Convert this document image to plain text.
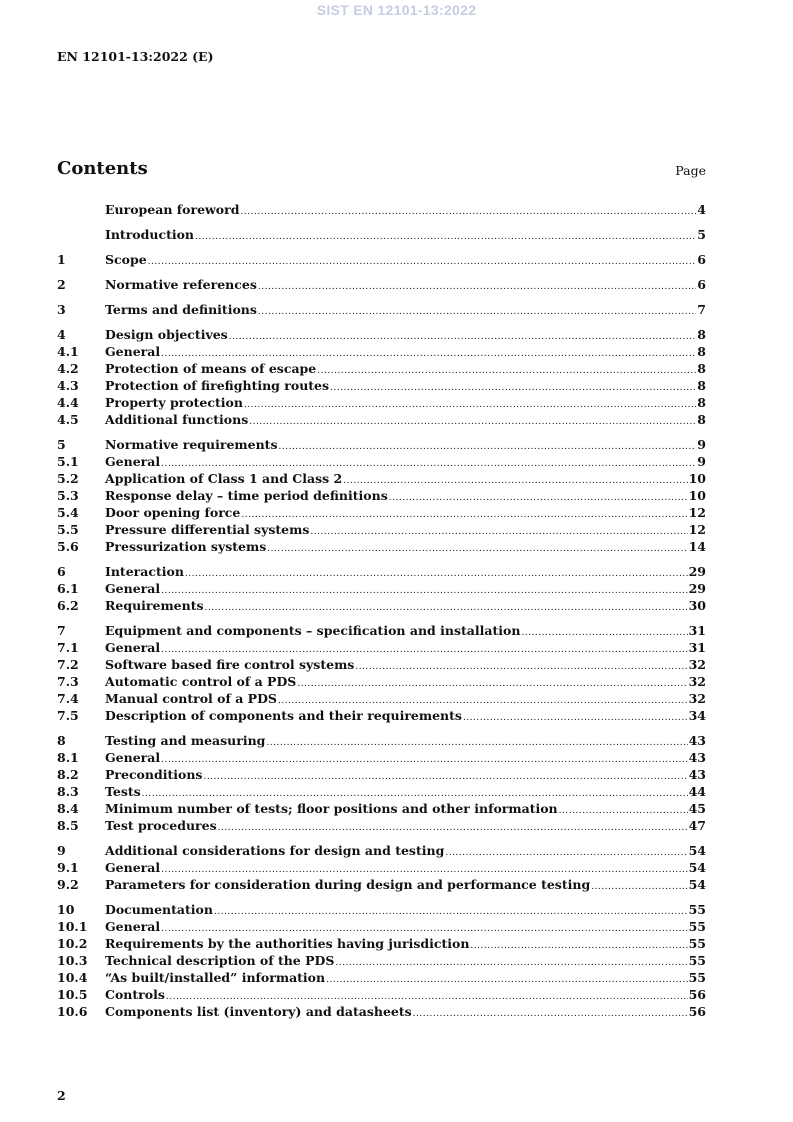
SIST EN 12101-13:2022
EN 12101-13:2022 (E)
Contents	Page
European foreword .....	4
Introduction .....	5
1	Scope .....	6
2	Normative references .....	6
3	Terms and definitions .....	7
4	Design objectives .....	8
4.1	General .....	8
4.2	Protection of means of escape .....	8
4.3	Protection of firefighting routes .....	8
4.4	Property protection .....	8
4.5	Additional functions .....	8
5	Normative requirements .....	9
5.1	General .....	9
5.2	Application of Class 1 and Class 2 .....	10
5.3	Response delay – time period definitions .....	10
5.4	Door opening force .....	12
5.5	Pressure differential systems .....	12
5.6	Pressurization systems .....	14
6	Interaction .....	29
6.1	General .....	29
6.2	Requirements .....	30
7	Equipment and components – specification and installation .....	31
7.1	General .....	31
7.2	Software based fire control systems .....	32
7.3	Automatic control of a PDS .....	32
7.4	Manual control of a PDS .....	32
7.5	Description of components and their requirements .....	34
8	Testing and measuring .....	43
8.1	General .....	43
8.2	Preconditions .....	43
8.3	Tests .....	44
8.4	Minimum number of tests; floor positions and other information .....	45
8.5	Test procedures .....	47
9	Additional considerations for design and testing .....	54
9.1	General .....	54
9.2	Parameters for consideration during design and performance testing .....	54
10	Documentation .....	55
10.1	General .....	55
10.2	Requirements by the authorities having jurisdiction .....	55
10.3	Technical description of the PDS .....	55
10.4	“As built/installed” information .....	55
10.5	Controls .....	56
10.6	Components list (inventory) and datasheets .....	56
2
